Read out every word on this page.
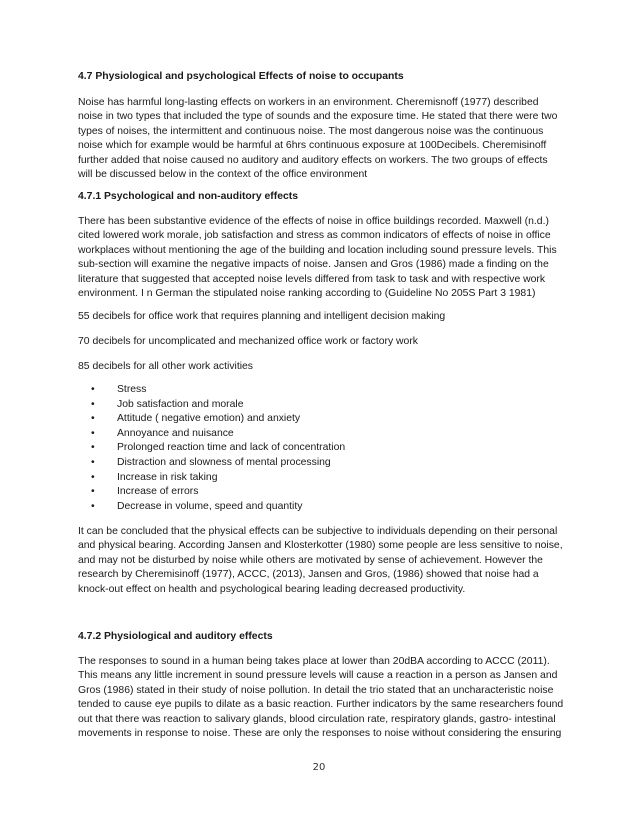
4.7 Physiological and psychological Effects of noise to occupants

Noise has harmful long-lasting effects on workers in an environment. Cheremisnoff (1977) described noise in two types that included the type of sounds and the exposure time. He stated that there were two types of noises, the intermittent and continuous noise. The most dangerous noise was the continuous noise which for example would be harmful at 6hrs continuous exposure at 100Decibels. Cheremisinoff further added that noise caused no auditory and auditory effects on workers. The two groups of effects will be discussed below in the context of the office environment

4.7.1 Psychological and non-auditory effects

There has been substantive evidence of the effects of noise in office buildings recorded. Maxwell (n.d.) cited lowered work morale, job satisfaction and stress as common indicators of effects of noise in office workplaces without mentioning the age of the building and location including sound pressure levels. This sub-section will examine the negative impacts of noise. Jansen and Gros (1986) made a finding on the literature that suggested that accepted noise levels differed from task to task and with respective work environment. I n German the stipulated noise ranking according to (Guideline No 205S Part 3 1981)

55 decibels for office work that requires planning and intelligent decision making

70 decibels for uncomplicated and mechanized office work or factory work

85 decibels for all other work activities

• Stress
• Job satisfaction and morale
• Attitude ( negative emotion) and anxiety
• Annoyance and nuisance
• Prolonged reaction time and lack of concentration
• Distraction and slowness of mental processing
• Increase in risk taking
• Increase of errors
• Decrease in volume, speed and quantity

It can be concluded that the physical effects can be subjective to individuals depending on their personal and physical bearing. According Jansen and Klosterkotter (1980) some people are less sensitive to noise, and may not be disturbed by noise while others are motivated by sense of achievement. However the research by Cheremisinoff (1977), ACCC, (2013), Jansen and Gros, (1986) showed that noise had a knock-out effect on health and psychological bearing leading decreased productivity.

4.7.2 Physiological and auditory effects

The responses to sound in a human being takes place at lower than 20dBA according to ACCC (2011). This means any little increment in sound pressure levels will cause a reaction in a person as Jansen and Gros (1986) stated in their study of noise pollution. In detail the trio stated that an uncharacteristic noise tended to cause eye pupils to dilate as a basic reaction. Further indicators by the same researchers found out that there was reaction to salivary glands, blood circulation rate, respiratory glands, gastro- intestinal movements in response to noise. These are only the responses to noise without considering the ensuring

20
